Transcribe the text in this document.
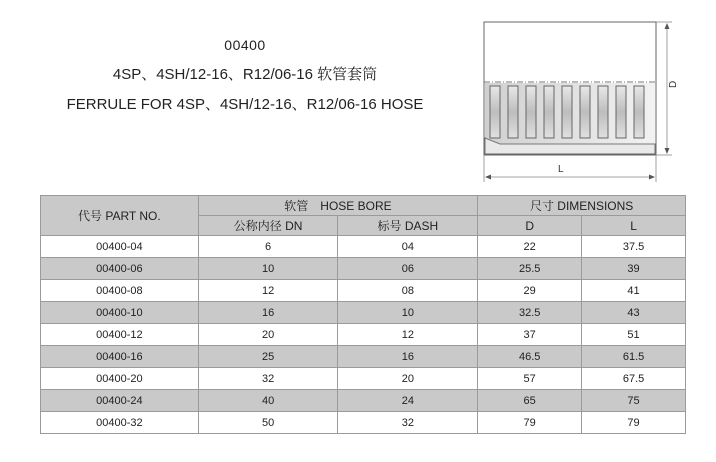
00400
4SP、4SH/12-16、R12/06-16 软管套筒
FERRULE FOR 4SP、4SH/12-16、R12/06-16 HOSE
D
L
代号 PART NO.	软管　HOSE BORE		尺寸 DIMENSIONS	
	公称内径 DN	标号 DASH	D	L
00400-04	6	04	22	37.5
00400-06	10	06	25.5	39
00400-08	12	08	29	41
00400-10	16	10	32.5	43
00400-12	20	12	37	51
00400-16	25	16	46.5	61.5
00400-20	32	20	57	67.5
00400-24	40	24	65	75
00400-32	50	32	79	79
